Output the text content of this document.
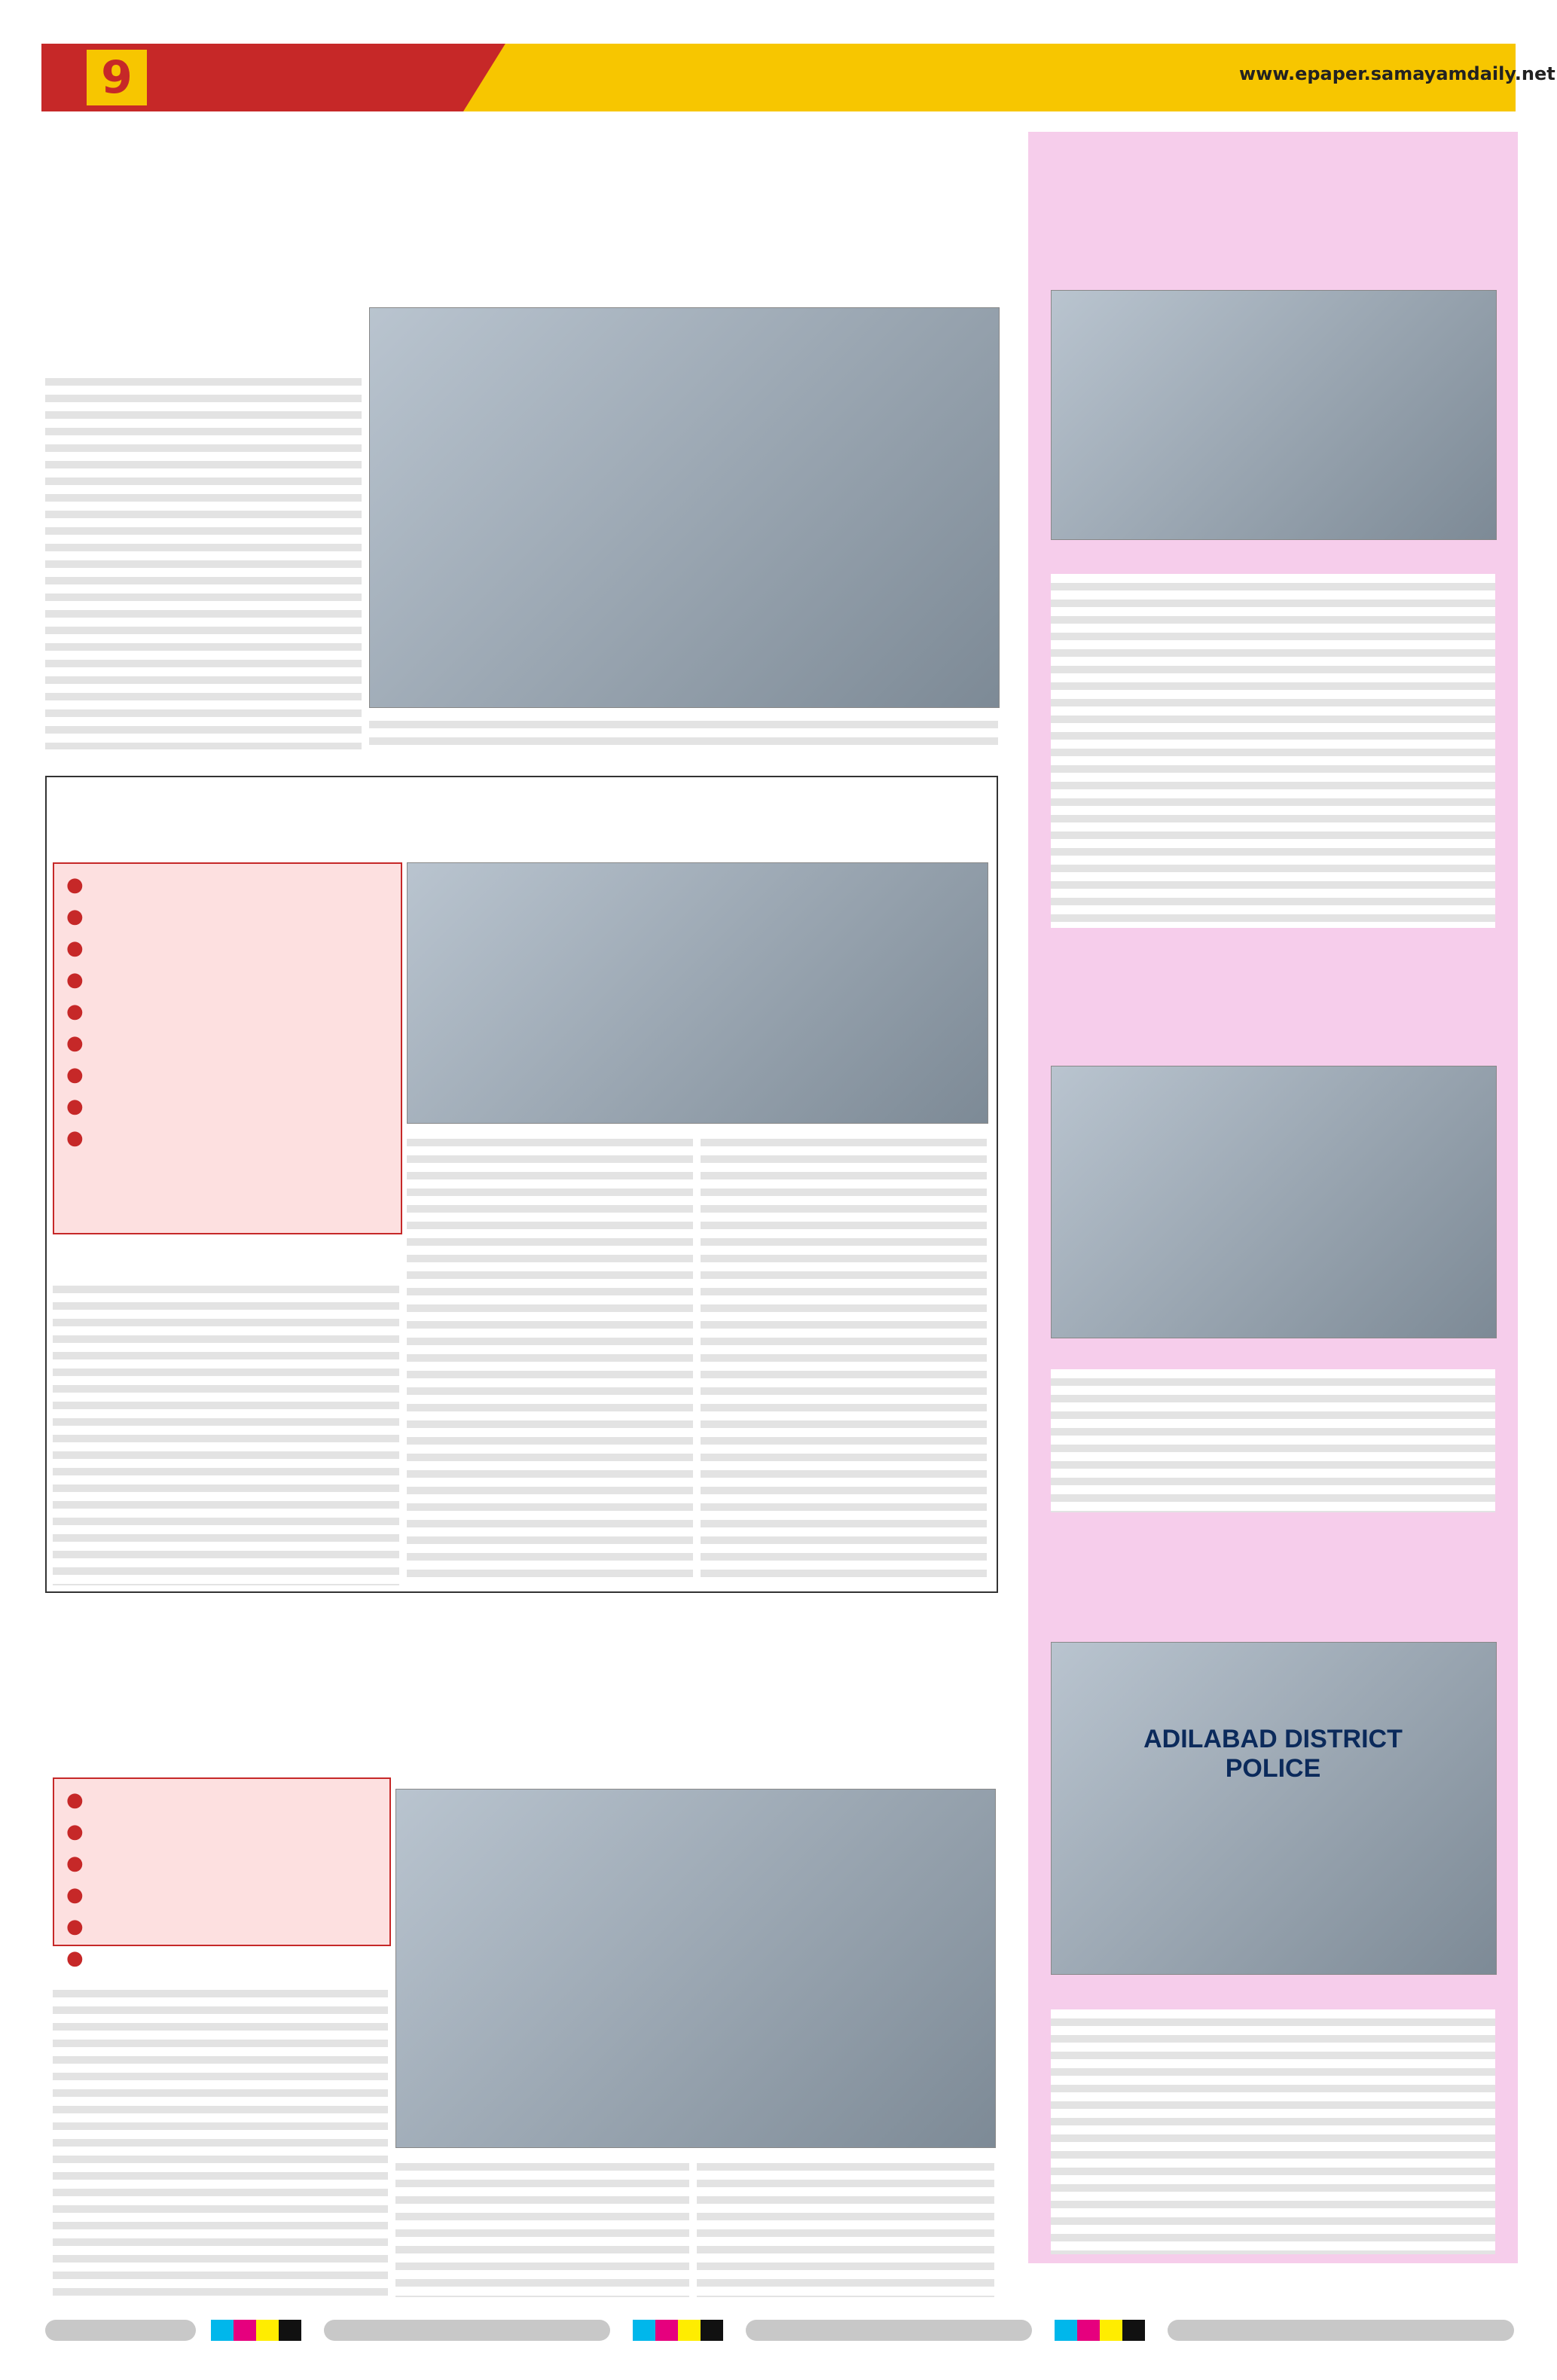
9	www.epaper.samayamdaily.net
●
●
●
●
●
●
●
●
●
●
●
●
●
●
●
ADILABAD DISTRICT POLICE
